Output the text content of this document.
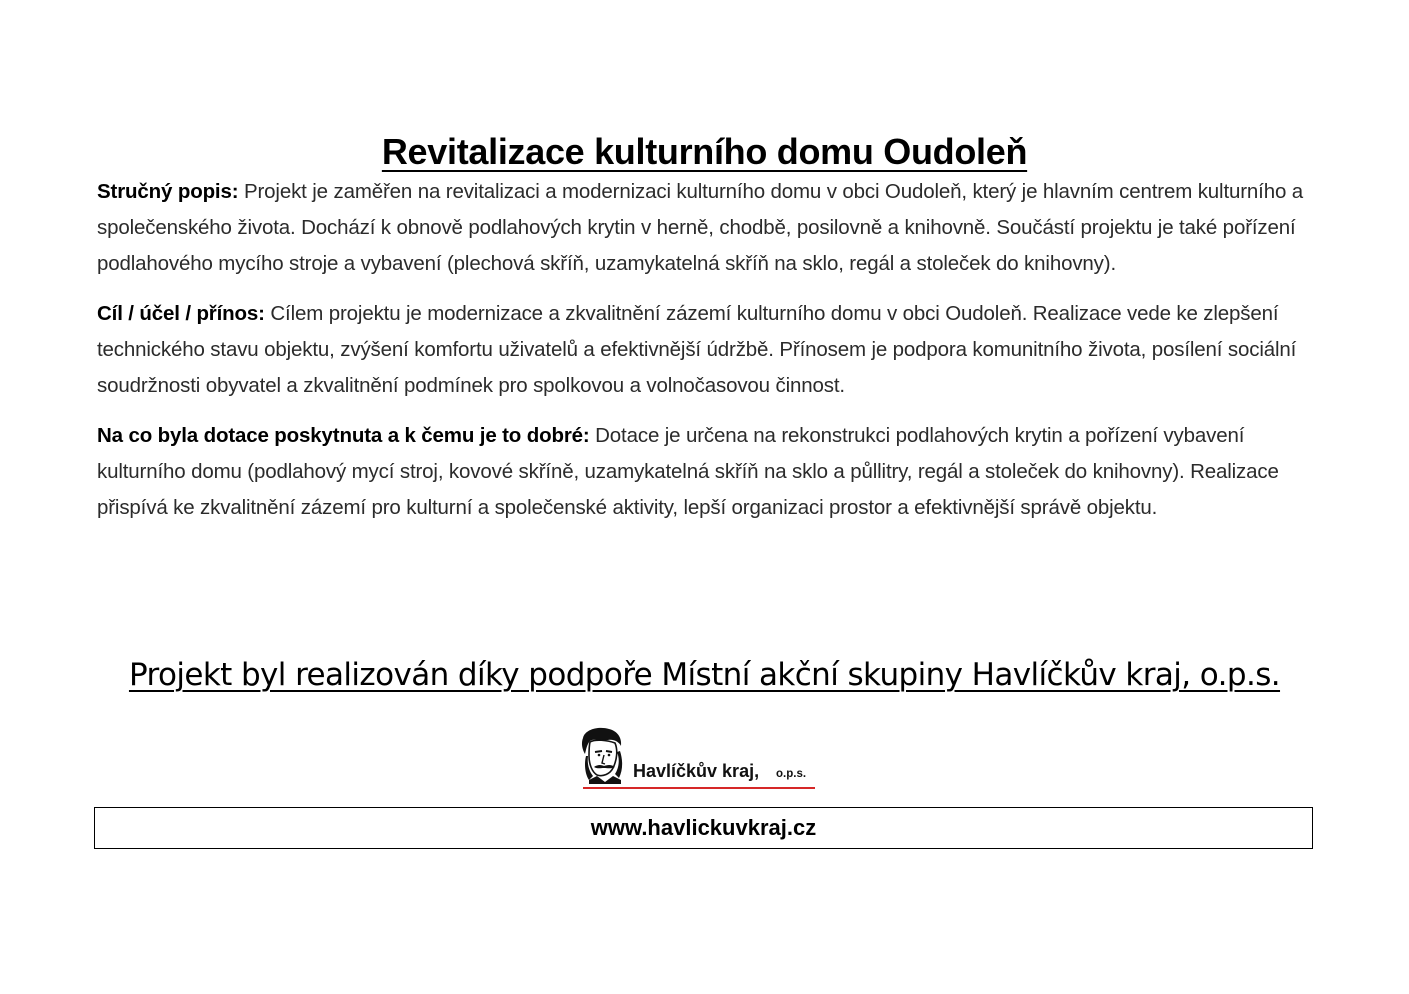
Revitalizace kulturního domu Oudoleň

Stručný popis: Projekt je zaměřen na revitalizaci a modernizaci kulturního domu v obci Oudoleň, který je hlavním centrem kulturního a společenského života. Dochází k obnově podlahových krytin v herně, chodbě, posilovně a knihovně. Součástí projektu je také pořízení podlahového mycího stroje a vybavení (plechová skříň, uzamykatelná skříň na sklo, regál a stoleček do knihovny).

Cíl / účel / přínos: Cílem projektu je modernizace a zkvalitnění zázemí kulturního domu v obci Oudoleň. Realizace vede ke zlepšení technického stavu objektu, zvýšení komfortu uživatelů a efektivnější údržbě. Přínosem je podpora komunitního života, posílení sociální soudržnosti obyvatel a zkvalitnění podmínek pro spolkovou a volnočasovou činnost.

Na co byla dotace poskytnuta a k čemu je to dobré: Dotace je určena na rekonstrukci podlahových krytin a pořízení vybavení kulturního domu (podlahový mycí stroj, kovové skříně, uzamykatelná skříň na sklo a půllitry, regál a stoleček do knihovny). Realizace přispívá ke zkvalitnění zázemí pro kulturní a společenské aktivity, lepší organizaci prostor a efektivnější správě objektu.

Projekt byl realizován díky podpoře Místní akční skupiny Havlíčkův kraj, o.p.s.
Havlíčkův kraj, o.p.s.
www.havlickuvkraj.cz
